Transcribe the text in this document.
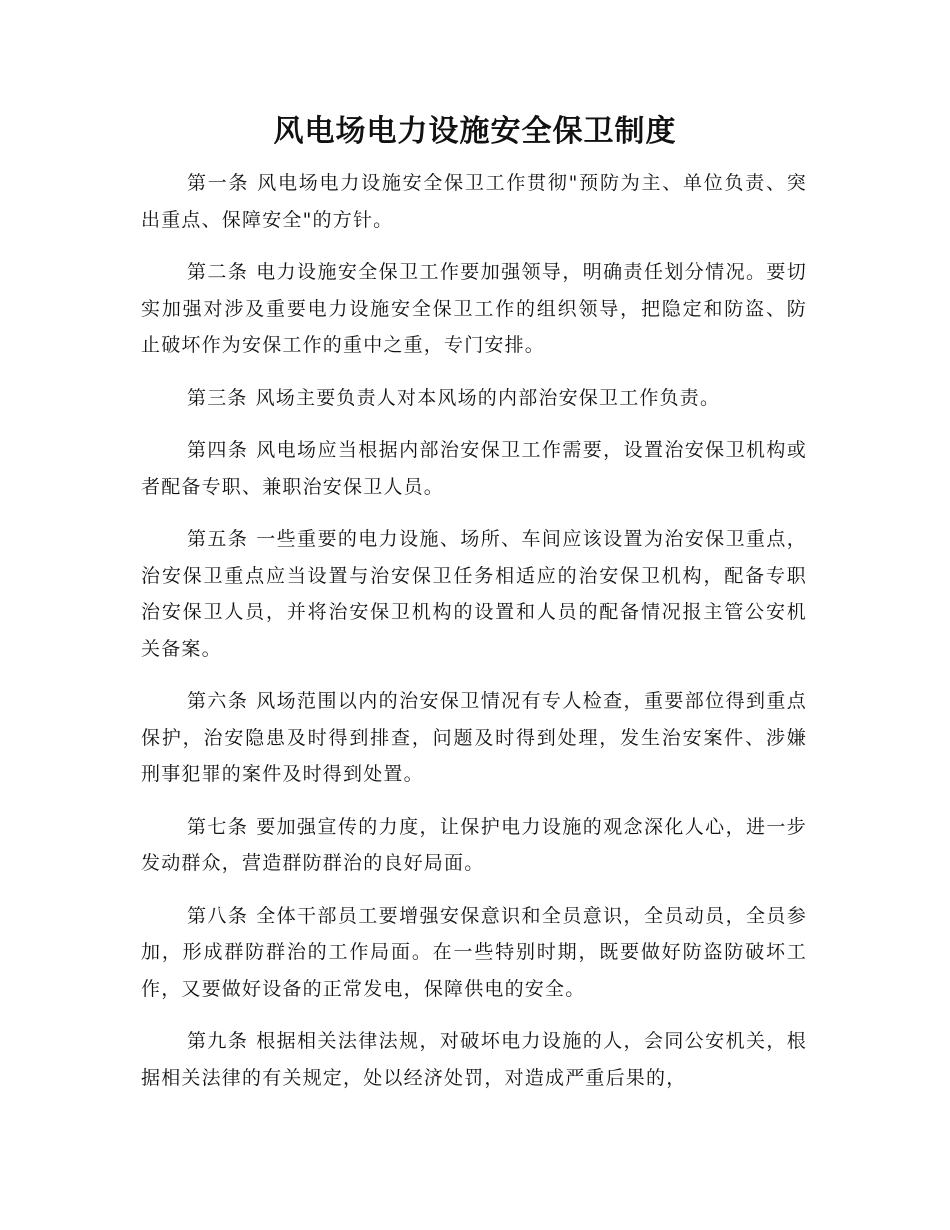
风电场电力设施安全保卫制度

第一条 风电场电力设施安全保卫工作贯彻"预防为主、单位负责、突出重点、保障安全"的方针。

第二条 电力设施安全保卫工作要加强领导，明确责任划分情况。要切实加强对涉及重要电力设施安全保卫工作的组织领导，把隐定和防盗、防止破坏作为安保工作的重中之重，专门安排。

第三条 风场主要负责人对本风场的内部治安保卫工作负责。

第四条 风电场应当根据内部治安保卫工作需要，设置治安保卫机构或者配备专职、兼职治安保卫人员。

第五条 一些重要的电力设施、场所、车间应该设置为治安保卫重点，治安保卫重点应当设置与治安保卫任务相适应的治安保卫机构，配备专职治安保卫人员，并将治安保卫机构的设置和人员的配备情况报主管公安机关备案。

第六条 风场范围以内的治安保卫情况有专人检查，重要部位得到重点保护，治安隐患及时得到排查，问题及时得到处理，发生治安案件、涉嫌刑事犯罪的案件及时得到处置。

第七条 要加强宣传的力度，让保护电力设施的观念深化人心，进一步发动群众，营造群防群治的良好局面。

第八条 全体干部员工要增强安保意识和全员意识，全员动员，全员参加，形成群防群治的工作局面。在一些特别时期，既要做好防盗防破坏工作，又要做好设备的正常发电，保障供电的安全。

第九条 根据相关法律法规，对破坏电力设施的人，会同公安机关，根据相关法律的有关规定，处以经济处罚，对造成严重后果的，
